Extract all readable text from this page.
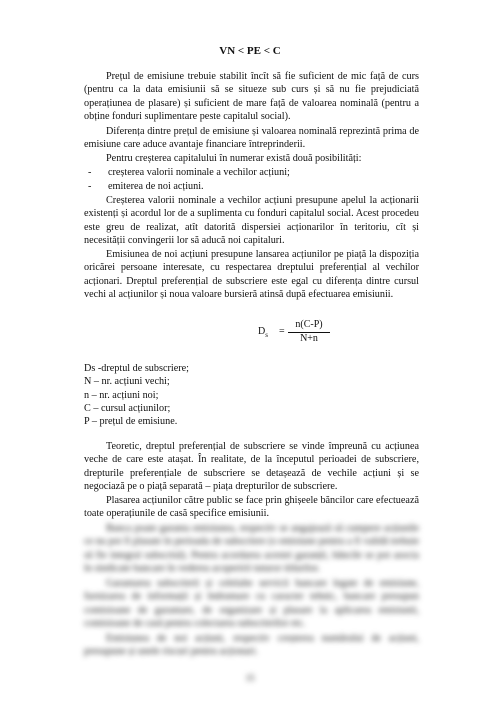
VN < PE < C

Prețul de emisiune trebuie stabilit încît să fie suficient de mic față de curs (pentru ca la data emisiunii să se situeze sub curs și să nu fie prejudiciată operațiunea de plasare) și suficient de mare față de valoarea nominală (pentru a obține fonduri suplimentare peste capitalul social).

Diferența dintre prețul de emisiune și valoarea nominală reprezintă prima de emisiune care aduce avantaje financiare întreprinderii.

Pentru creșterea capitalului în numerar există două posibilități:

- creșterea valorii nominale a vechilor acțiuni;
- emiterea de noi acțiuni.

Creșterea valorii nominale a vechilor acțiuni presupune apelul la acționarii existenți și acordul lor de a suplimenta cu fonduri capitalul social. Acest procedeu este greu de realizat, atît datorită dispersiei acționarilor în teritoriu, cît și necesității convingerii lor să aducă noi capitaluri.

Emisiunea de noi acțiuni presupune lansarea acțiunilor pe piață la dispoziția oricărei persoane interesate, cu respectarea dreptului preferențial al vechilor acționari. Dreptul preferențial de subscriere este egal cu diferența dintre cursul vechi al acțiunilor și noua valoare bursieră atinsă după efectuarea emisiunii.

$D_s = \frac{n(C-P)}{N+n}$
Ds -dreptul de subscriere;
N – nr. acțiuni vechi;
n – nr. acțiuni noi;
C – cursul acțiunilor;
P – prețul de emisiune.

Teoretic, dreptul preferențial de subscriere se vinde împreună cu acțiunea veche de care este atașat. În realitate, de la începutul perioadei de subscriere, drepturile preferențiale de subscriere se detașează de vechile acțiuni și se negociază pe o piață separată – piața drepturilor de subscriere.

Plasarea acțiunilor către public se face prin ghișeele băncilor care efectuează toate operațiunile de casă specifice emisiunii.

Banca poate garanta emisiunea, respectiv se angajează să cumpere acțiunile ce nu pot fi plasate în perioada de subscriere (o emisiune pentru a fi validă trebuie să fie integral subscrisă). Pentru acordarea acestei garanții, băncile se pot asocia în sindicate bancare în vederea acoperirii tuturor titlurilor.

Garantarea subscrierii și celelalte servicii bancare legate de emisiune, furnizarea de informații și îndrumare cu caracter tehnic, bancare presupun comisioane de garantare, de organizare și plasare la aplicarea emisiunii, comisioane de casă pentru colectarea subscrierilor etc.

Emisiunea de noi acțiuni, respectiv creșterea numărului de acțiuni, presupune și unele riscuri pentru acționari.

15
